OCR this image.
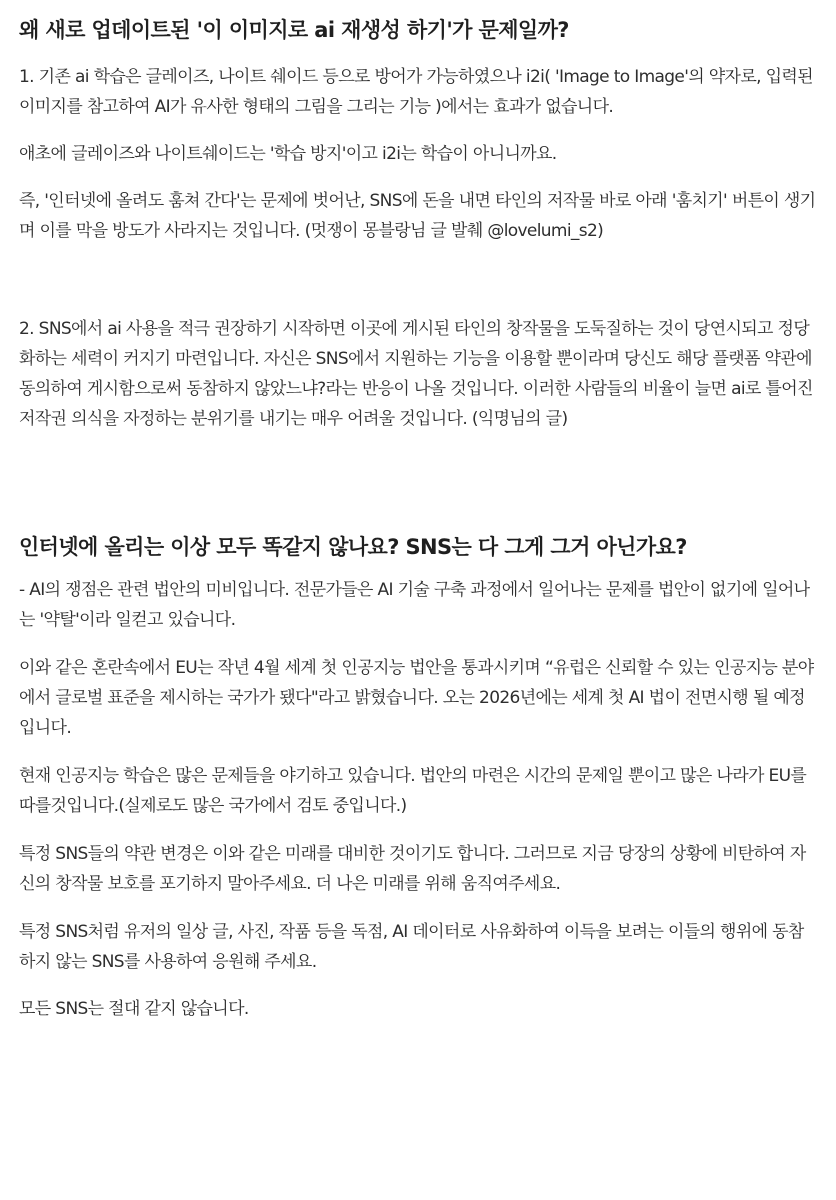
왜 새로 업데이트된 '이 이미지로 ai 재생성 하기'가 문제일까?

1. 기존 ai 학습은 글레이즈, 나이트 쉐이드 등으로 방어가 가능하였으나 i2i( 'Image to Image'의 약자로, 입력된 이미지를 참고하여 AI가 유사한 형태의 그림을 그리는 기능 )에서는 효과가 없습니다.

애초에 글레이즈와 나이트쉐이드는 '학습 방지'이고 i2i는 학습이 아니니까요.

즉, '인터넷에 올려도 훔쳐 간다'는 문제에 벗어난, SNS에 돈을 내면 타인의 저작물 바로 아래 '훔치기' 버튼이 생기며 이를 막을 방도가 사라지는 것입니다. (멋쟁이 몽블랑님 글 발췌 @lovelumi_s2)

2. SNS에서 ai 사용을 적극 권장하기 시작하면 이곳에 게시된 타인의 창작물을 도둑질하는 것이 당연시되고 정당화하는 세력이 커지기 마련입니다. 자신은 SNS에서 지원하는 기능을 이용할 뿐이라며 당신도 해당 플랫폼 약관에 동의하여 게시함으로써 동참하지 않았느냐?라는 반응이 나올 것입니다. 이러한 사람들의 비율이 늘면 ai로 틀어진 저작권 의식을 자정하는 분위기를 내기는 매우 어려울 것입니다. (익명님의 글)

인터넷에 올리는 이상 모두 똑같지 않나요? SNS는 다 그게 그거 아닌가요?

- AI의 쟁점은 관련 법안의 미비입니다. 전문가들은 AI 기술 구축 과정에서 일어나는 문제를 법안이 없기에 일어나는 '약탈'이라 일컫고 있습니다.

이와 같은 혼란속에서 EU는 작년 4월 세계 첫 인공지능 법안을 통과시키며 “유럽은 신뢰할 수 있는 인공지능 분야에서 글로벌 표준을 제시하는 국가가 됐다"라고 밝혔습니다. 오는 2026년에는 세계 첫 AI 법이 전면시행 될 예정입니다.

현재 인공지능 학습은 많은 문제들을 야기하고 있습니다. 법안의 마련은 시간의 문제일 뿐이고 많은 나라가 EU를 따를것입니다.(실제로도 많은 국가에서 검토 중입니다.)

특정 SNS들의 약관 변경은 이와 같은 미래를 대비한 것이기도 합니다. 그러므로 지금 당장의 상황에 비탄하여 자신의 창작물 보호를 포기하지 말아주세요. 더 나은 미래를 위해 움직여주세요.

특정 SNS처럼 유저의 일상 글, 사진, 작품 등을 독점, AI 데이터로 사유화하여 이득을 보려는 이들의 행위에 동참하지 않는 SNS를 사용하여 응원해 주세요.

모든 SNS는 절대 같지 않습니다.
